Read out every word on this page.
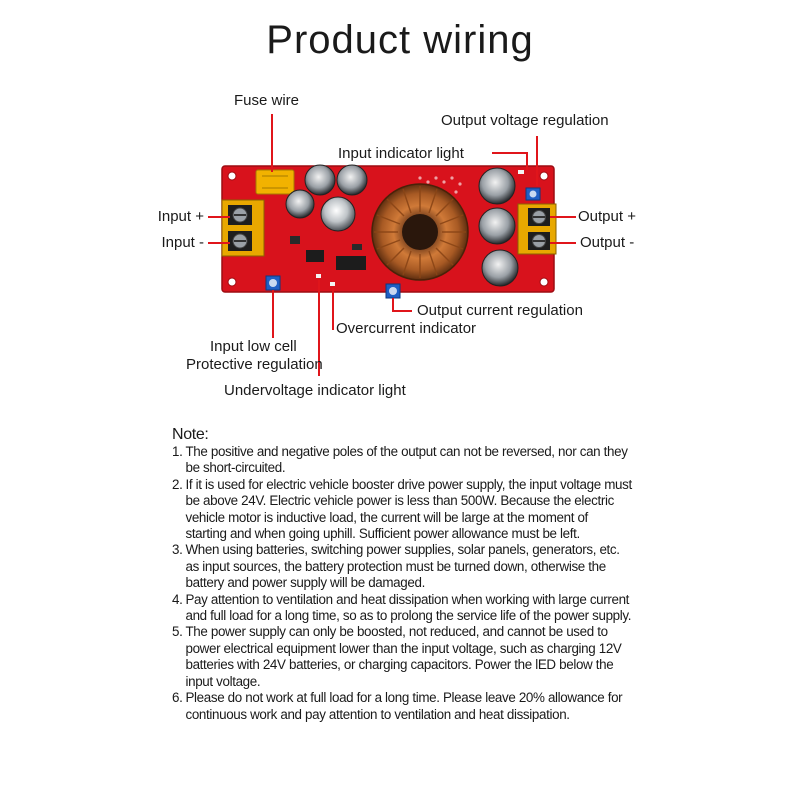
Product wiring
Fuse wire
Output voltage regulation
Input indicator light
Input +
Input -
Output +
Output -
Output current regulation
Overcurrent indicator
Input low cell
Protective regulation
Undervoltage indicator light
Note:
1. The positive and negative poles of the output can not be reversed, nor can they be short-circuited.
2. If it is used for electric vehicle booster drive power supply, the input voltage must be above 24V. Electric vehicle power is less than 500W. Because the electric vehicle motor is inductive load, the current will be large at the moment of starting and when going uphill. Sufficient power allowance must be left.
3. When using batteries, switching power supplies, solar panels, generators, etc. as input sources, the battery protection must be turned down, otherwise the battery and power supply will be damaged.
4. Pay attention to ventilation and heat dissipation when working with large current and full load for a long time, so as to prolong the service life of the power supply.
5. The power supply can only be boosted, not reduced, and cannot be used to power electrical equipment lower than the input voltage, such as charging 12V batteries with 24V batteries, or charging capacitors. Power the lED below the input voltage.
6. Please do not work at full load for a long time. Please leave 20% allowance for continuous work and pay attention to ventilation and heat dissipation.
